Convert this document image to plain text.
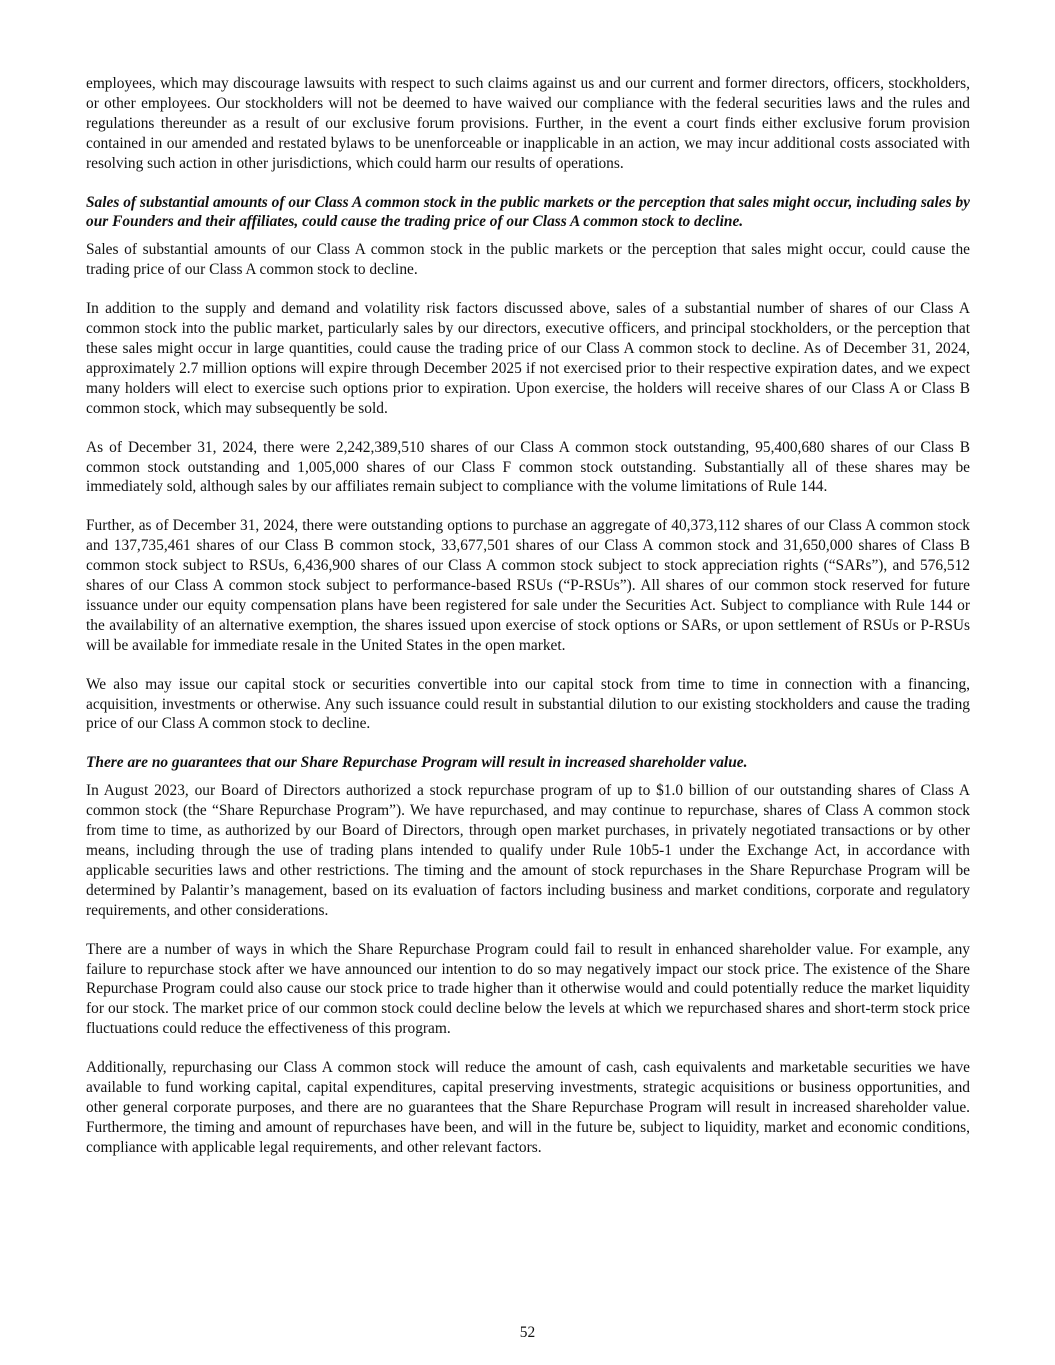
employees, which may discourage lawsuits with respect to such claims against us and our current and former directors, officers, stockholders, or other employees. Our stockholders will not be deemed to have waived our compliance with the federal securities laws and the rules and regulations thereunder as a result of our exclusive forum provisions. Further, in the event a court finds either exclusive forum provision contained in our amended and restated bylaws to be unenforceable or inapplicable in an action, we may incur additional costs associated with resolving such action in other jurisdictions, which could harm our results of operations.

Sales of substantial amounts of our Class A common stock in the public markets or the perception that sales might occur, including sales by our Founders and their affiliates, could cause the trading price of our Class A common stock to decline.

Sales of substantial amounts of our Class A common stock in the public markets or the perception that sales might occur, could cause the trading price of our Class A common stock to decline.

In addition to the supply and demand and volatility risk factors discussed above, sales of a substantial number of shares of our Class A common stock into the public market, particularly sales by our directors, executive officers, and principal stockholders, or the perception that these sales might occur in large quantities, could cause the trading price of our Class A common stock to decline. As of December 31, 2024, approximately 2.7 million options will expire through December 2025 if not exercised prior to their respective expiration dates, and we expect many holders will elect to exercise such options prior to expiration. Upon exercise, the holders will receive shares of our Class A or Class B common stock, which may subsequently be sold.

As of December 31, 2024, there were 2,242,389,510 shares of our Class A common stock outstanding, 95,400,680 shares of our Class B common stock outstanding and 1,005,000 shares of our Class F common stock outstanding. Substantially all of these shares may be immediately sold, although sales by our affiliates remain subject to compliance with the volume limitations of Rule 144.

Further, as of December 31, 2024, there were outstanding options to purchase an aggregate of 40,373,112 shares of our Class A common stock and 137,735,461 shares of our Class B common stock, 33,677,501 shares of our Class A common stock and 31,650,000 shares of Class B common stock subject to RSUs, 6,436,900 shares of our Class A common stock subject to stock appreciation rights (“SARs”), and 576,512 shares of our Class A common stock subject to performance-based RSUs (“P-RSUs”). All shares of our common stock reserved for future issuance under our equity compensation plans have been registered for sale under the Securities Act. Subject to compliance with Rule 144 or the availability of an alternative exemption, the shares issued upon exercise of stock options or SARs, or upon settlement of RSUs or P-RSUs will be available for immediate resale in the United States in the open market.

We also may issue our capital stock or securities convertible into our capital stock from time to time in connection with a financing, acquisition, investments or otherwise. Any such issuance could result in substantial dilution to our existing stockholders and cause the trading price of our Class A common stock to decline.

There are no guarantees that our Share Repurchase Program will result in increased shareholder value.

In August 2023, our Board of Directors authorized a stock repurchase program of up to $1.0 billion of our outstanding shares of Class A common stock (the “Share Repurchase Program”). We have repurchased, and may continue to repurchase, shares of Class A common stock from time to time, as authorized by our Board of Directors, through open market purchases, in privately negotiated transactions or by other means, including through the use of trading plans intended to qualify under Rule 10b5-1 under the Exchange Act, in accordance with applicable securities laws and other restrictions. The timing and the amount of stock repurchases in the Share Repurchase Program will be determined by Palantir’s management, based on its evaluation of factors including business and market conditions, corporate and regulatory requirements, and other considerations.

There are a number of ways in which the Share Repurchase Program could fail to result in enhanced shareholder value. For example, any failure to repurchase stock after we have announced our intention to do so may negatively impact our stock price. The existence of the Share Repurchase Program could also cause our stock price to trade higher than it otherwise would and could potentially reduce the market liquidity for our stock. The market price of our common stock could decline below the levels at which we repurchased shares and short-term stock price fluctuations could reduce the effectiveness of this program.

Additionally, repurchasing our Class A common stock will reduce the amount of cash, cash equivalents and marketable securities we have available to fund working capital, capital expenditures, capital preserving investments, strategic acquisitions or business opportunities, and other general corporate purposes, and there are no guarantees that the Share Repurchase Program will result in increased shareholder value. Furthermore, the timing and amount of repurchases have been, and will in the future be, subject to liquidity, market and economic conditions, compliance with applicable legal requirements, and other relevant factors.

52
